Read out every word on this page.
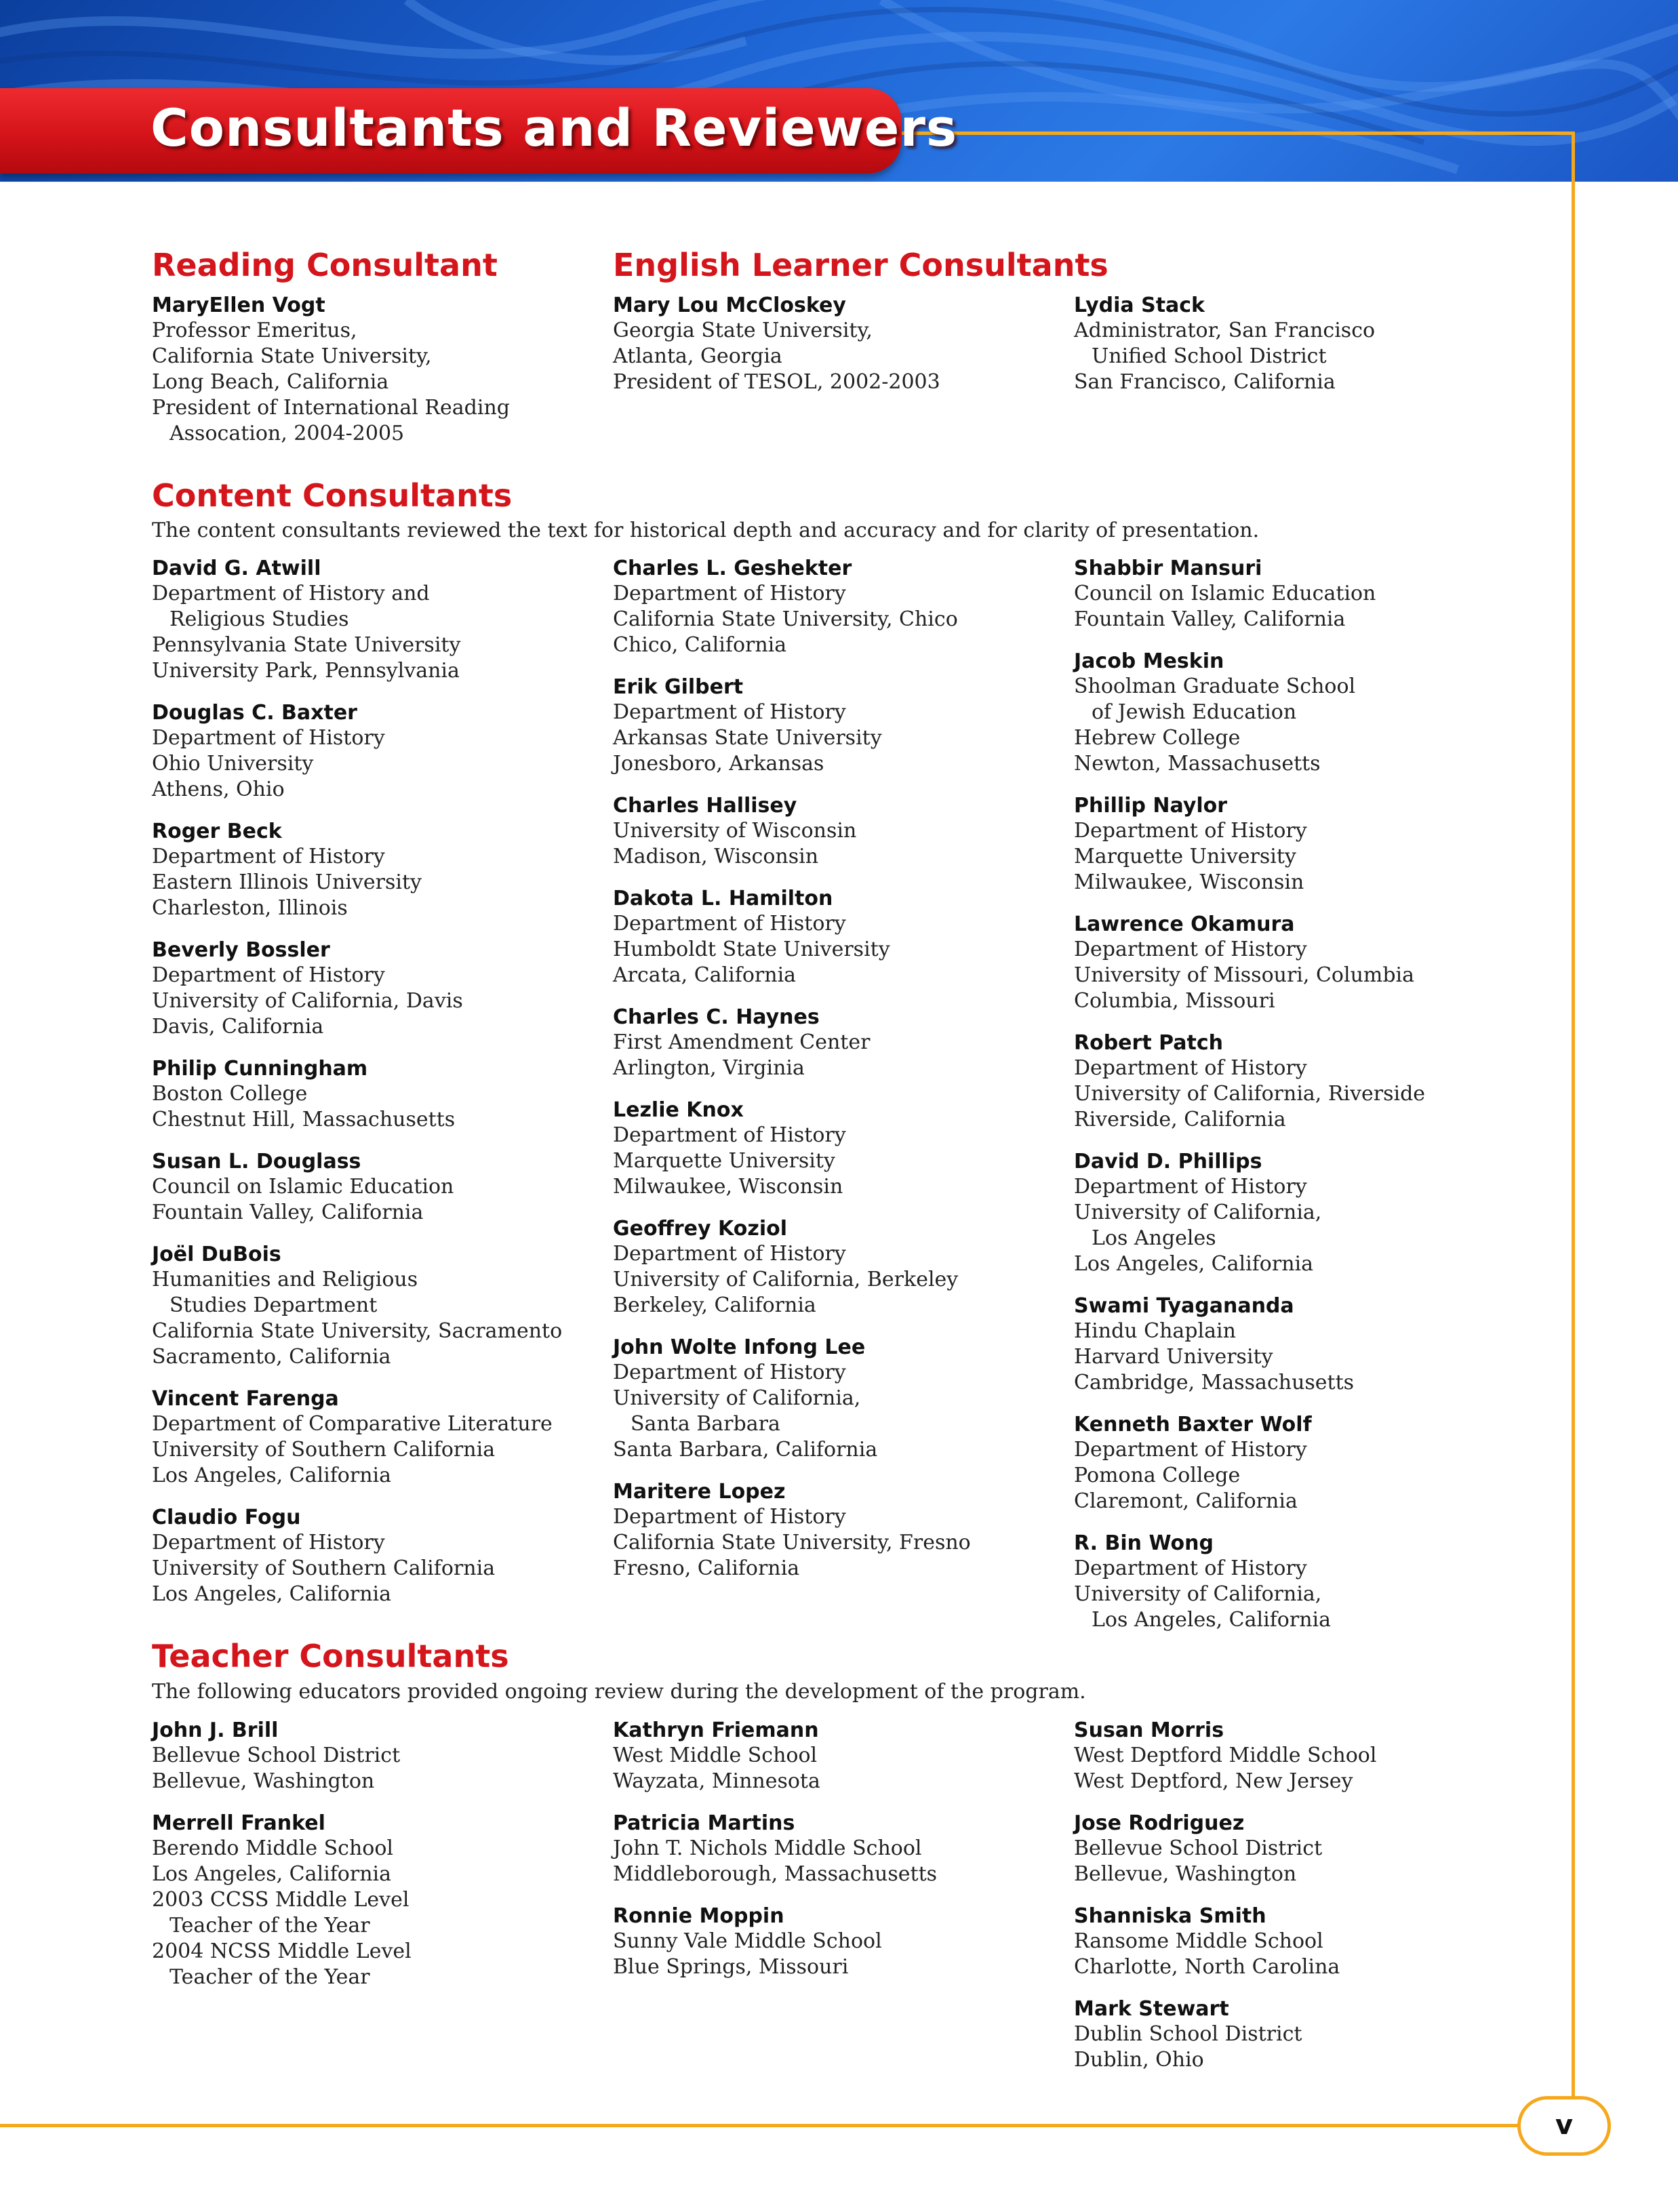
Consultants and Reviewers
Reading Consultant
MaryEllen Vogt
Professor Emeritus,
California State University,
Long Beach, California
President of International Reading
Assocation, 2004-2005
English Learner Consultants
Mary Lou McCloskey
Georgia State University,
Atlanta, Georgia
President of TESOL, 2002-2003
Lydia Stack
Administrator, San Francisco
Unified School District
San Francisco, California
Content Consultants

The content consultants reviewed the text for historical depth and accuracy and for clarity of presentation.

David G. Atwill
Department of History and
Religious Studies
Pennsylvania State University
University Park, Pennsylvania
Douglas C. Baxter
Department of History
Ohio University
Athens, Ohio
Roger Beck
Department of History
Eastern Illinois University
Charleston, Illinois
Beverly Bossler
Department of History
University of California, Davis
Davis, California
Philip Cunningham
Boston College
Chestnut Hill, Massachusetts
Susan L. Douglass
Council on Islamic Education
Fountain Valley, California
Joël DuBois
Humanities and Religious
Studies Department
California State University, Sacramento
Sacramento, California
Vincent Farenga
Department of Comparative Literature
University of Southern California
Los Angeles, California
Claudio Fogu
Department of History
University of Southern California
Los Angeles, California
Charles L. Geshekter
Department of History
California State University, Chico
Chico, California
Erik Gilbert
Department of History
Arkansas State University
Jonesboro, Arkansas
Charles Hallisey
University of Wisconsin
Madison, Wisconsin
Dakota L. Hamilton
Department of History
Humboldt State University
Arcata, California
Charles C. Haynes
First Amendment Center
Arlington, Virginia
Lezlie Knox
Department of History
Marquette University
Milwaukee, Wisconsin
Geoffrey Koziol
Department of History
University of California, Berkeley
Berkeley, California
John Wolte Infong Lee
Department of History
University of California,
Santa Barbara
Santa Barbara, California
Maritere Lopez
Department of History
California State University, Fresno
Fresno, California
Shabbir Mansuri
Council on Islamic Education
Fountain Valley, California
Jacob Meskin
Shoolman Graduate School
of Jewish Education
Hebrew College
Newton, Massachusetts
Phillip Naylor
Department of History
Marquette University
Milwaukee, Wisconsin
Lawrence Okamura
Department of History
University of Missouri, Columbia
Columbia, Missouri
Robert Patch
Department of History
University of California, Riverside
Riverside, California
David D. Phillips
Department of History
University of California,
Los Angeles
Los Angeles, California
Swami Tyagananda
Hindu Chaplain
Harvard University
Cambridge, Massachusetts
Kenneth Baxter Wolf
Department of History
Pomona College
Claremont, California
R. Bin Wong
Department of History
University of California,
Los Angeles, California
Teacher Consultants

The following educators provided ongoing review during the development of the program.

John J. Brill
Bellevue School District
Bellevue, Washington
Merrell Frankel
Berendo Middle School
Los Angeles, California
2003 CCSS Middle Level
Teacher of the Year
2004 NCSS Middle Level
Teacher of the Year
Kathryn Friemann
West Middle School
Wayzata, Minnesota
Patricia Martins
John T. Nichols Middle School
Middleborough, Massachusetts
Ronnie Moppin
Sunny Vale Middle School
Blue Springs, Missouri
Susan Morris
West Deptford Middle School
West Deptford, New Jersey
Jose Rodriguez
Bellevue School District
Bellevue, Washington
Shanniska Smith
Ransome Middle School
Charlotte, North Carolina
Mark Stewart
Dublin School District
Dublin, Ohio
v
